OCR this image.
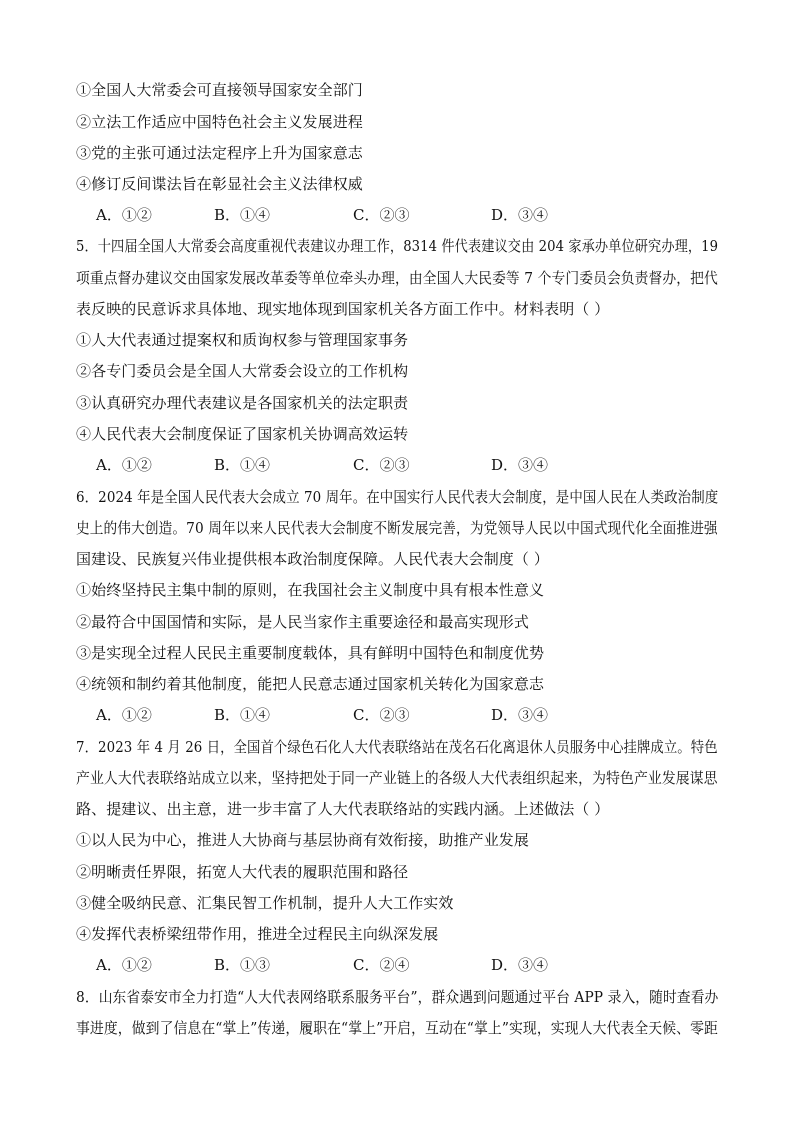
①全国人大常委会可直接领导国家安全部门
②立法工作适应中国特色社会主义发展进程
③党的主张可通过法定程序上升为国家意志
④修订反间谍法旨在彰显社会主义法律权威
A．①②	B．①④	C．②③	D．③④
5．十四届全国人大常委会高度重视代表建议办理工作，8314 件代表建议交由 204 家承办单位研究办理，19
项重点督办建议交由国家发展改革委等单位牵头办理，由全国人大民委等 7 个专门委员会负责督办，把代
表反映的民意诉求具体地、现实地体现到国家机关各方面工作中。材料表明（ ）
①人大代表通过提案权和质询权参与管理国家事务
②各专门委员会是全国人大常委会设立的工作机构
③认真研究办理代表建议是各国家机关的法定职责
④人民代表大会制度保证了国家机关协调高效运转
A．①②	B．①④	C．②③	D．③④
6．2024 年是全国人民代表大会成立 70 周年。在中国实行人民代表大会制度，是中国人民在人类政治制度
史上的伟大创造。70 周年以来人民代表大会制度不断发展完善，为党领导人民以中国式现代化全面推进强
国建设、民族复兴伟业提供根本政治制度保障。人民代表大会制度（ ）
①始终坚持民主集中制的原则，在我国社会主义制度中具有根本性意义
②最符合中国国情和实际，是人民当家作主重要途径和最高实现形式
③是实现全过程人民民主重要制度载体，具有鲜明中国特色和制度优势
④统领和制约着其他制度，能把人民意志通过国家机关转化为国家意志
A．①②	B．①④	C．②③	D．③④
7．2023 年 4 月 26 日，全国首个绿色石化人大代表联络站在茂名石化离退休人员服务中心挂牌成立。特色
产业人大代表联络站成立以来，坚持把处于同一产业链上的各级人大代表组织起来，为特色产业发展谋思
路、提建议、出主意，进一步丰富了人大代表联络站的实践内涵。上述做法（ ）
①以人民为中心，推进人大协商与基层协商有效衔接，助推产业发展
②明晰责任界限，拓宽人大代表的履职范围和路径
③健全吸纳民意、汇集民智工作机制，提升人大工作实效
④发挥代表桥梁纽带作用，推进全过程民主向纵深发展
A．①②	B．①③	C．②④	D．③④
8．山东省泰安市全力打造“人大代表网络联系服务平台”，群众遇到问题通过平台 APP 录入，随时查看办
事进度，做到了信息在“掌上”传递，履职在“掌上”开启，互动在“掌上”实现，实现人大代表全天候、零距
